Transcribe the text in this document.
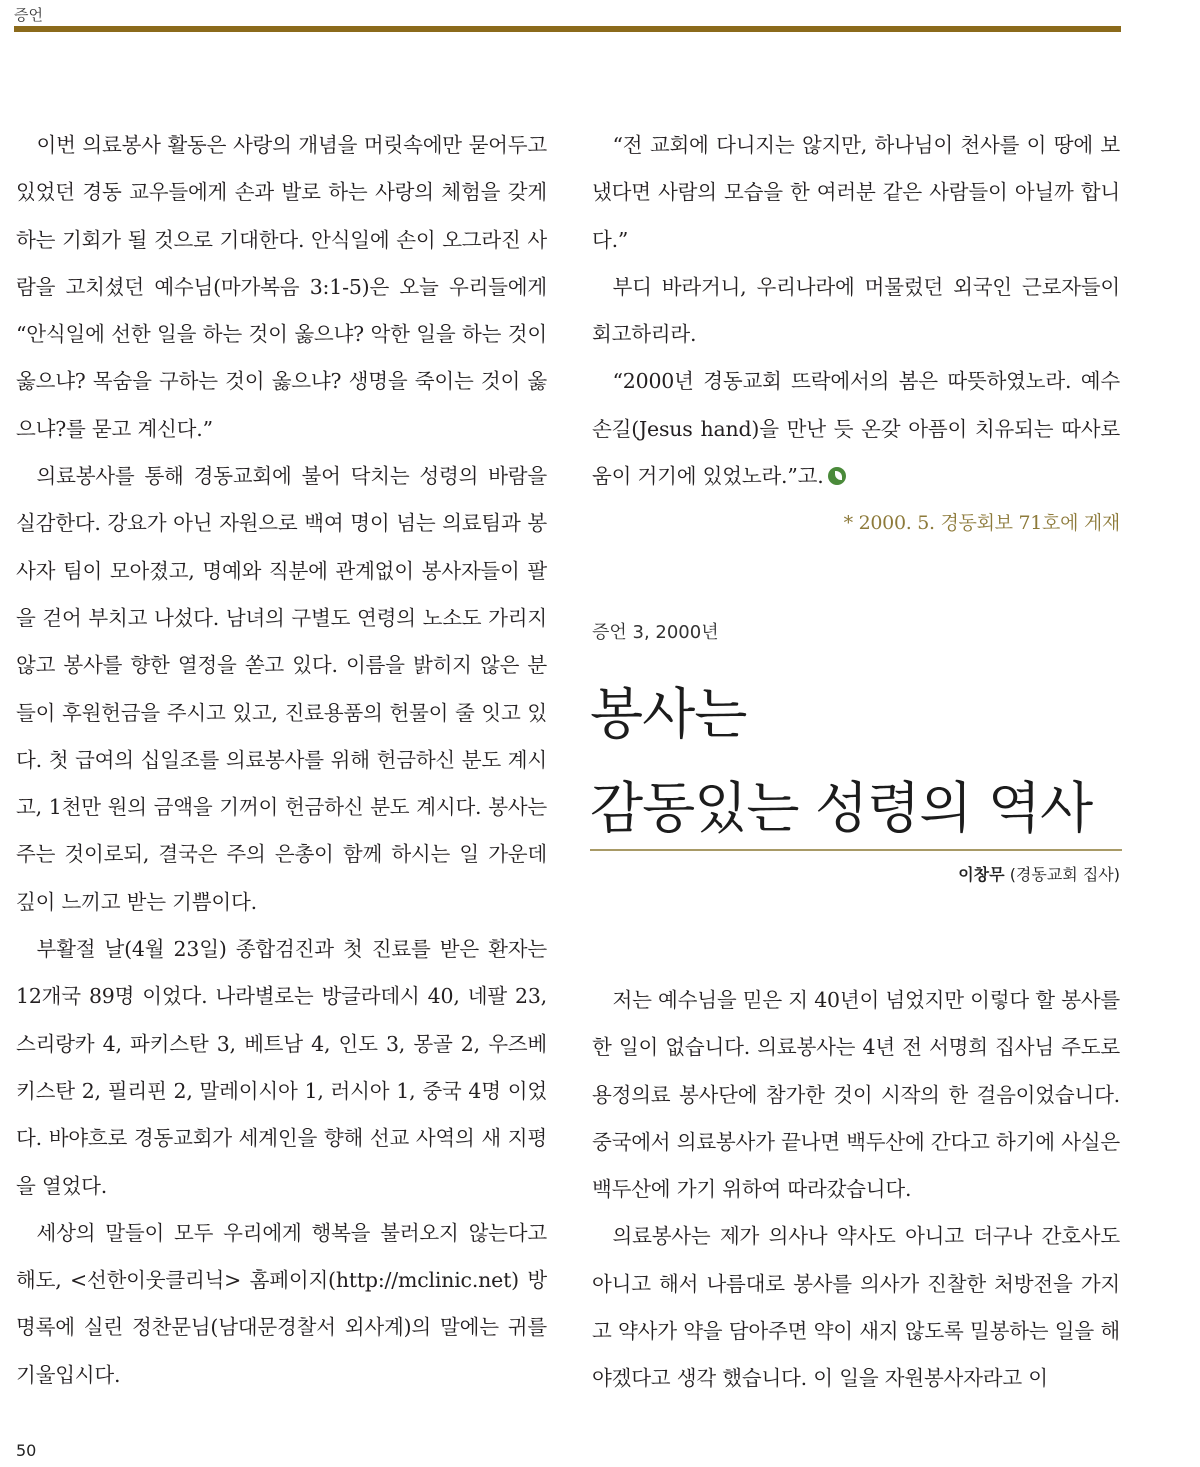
증언

이번 의료봉사 활동은 사랑의 개념을 머릿속에만 묻어두고 있었던 경동 교우들에게 손과 발로 하는 사랑의 체험을 갖게 하는 기회가 될 것으로 기대한다. 안식일에 손이 오그라진 사람을 고치셨던 예수님(마가복음 3:1-5)은 오늘 우리들에게 “안식일에 선한 일을 하는 것이 옳으냐? 악한 일을 하는 것이 옳으냐? 목숨을 구하는 것이 옳으냐? 생명을 죽이는 것이 옳으냐?를 묻고 계신다.”

의료봉사를 통해 경동교회에 불어 닥치는 성령의 바람을 실감한다. 강요가 아닌 자원으로 백여 명이 넘는 의료팀과 봉사자 팀이 모아졌고, 명예와 직분에 관계없이 봉사자들이 팔을 걷어 부치고 나섰다. 남녀의 구별도 연령의 노소도 가리지 않고 봉사를 향한 열정을 쏟고 있다. 이름을 밝히지 않은 분들이 후원헌금을 주시고 있고, 진료용품의 헌물이 줄 잇고 있다. 첫 급여의 십일조를 의료봉사를 위해 헌금하신 분도 계시고, 1천만 원의 금액을 기꺼이 헌금하신 분도 계시다. 봉사는 주는 것이로되, 결국은 주의 은총이 함께 하시는 일 가운데 깊이 느끼고 받는 기쁨이다.

부활절 날(4월 23일) 종합검진과 첫 진료를 받은 환자는 12개국 89명 이었다. 나라별로는 방글라데시 40, 네팔 23, 스리랑카 4, 파키스탄 3, 베트남 4, 인도 3, 몽골 2, 우즈베키스탄 2, 필리핀 2, 말레이시아 1, 러시아 1, 중국 4명 이었다. 바야흐로 경동교회가 세계인을 향해 선교 사역의 새 지평을 열었다.

세상의 말들이 모두 우리에게 행복을 불러오지 않는다고 해도, <선한이웃클리닉> 홈페이지(http://mclinic.net) 방명록에 실린 정찬문님(남대문경찰서 외사계)의 말에는 귀를 기울입시다.

“전 교회에 다니지는 않지만, 하나님이 천사를 이 땅에 보냈다면 사람의 모습을 한 여러분 같은 사람들이 아닐까 합니다.”

부디 바라거니, 우리나라에 머물렀던 외국인 근로자들이 회고하리라.

“2000년 경동교회 뜨락에서의 봄은 따뜻하였노라. 예수 손길(Jesus hand)을 만난 듯 온갖 아픔이 치유되는 따사로움이 거기에 있었노라.”고.

* 2000. 5. 경동회보 71호에 게재

증언 3, 2000년
봉사는
감동있는 성령의 역사
이창무 (경동교회 집사)

저는 예수님을 믿은 지 40년이 넘었지만 이렇다 할 봉사를 한 일이 없습니다. 의료봉사는 4년 전 서명희 집사님 주도로 용정의료 봉사단에 참가한 것이 시작의 한 걸음이었습니다. 중국에서 의료봉사가 끝나면 백두산에 간다고 하기에 사실은 백두산에 가기 위하여 따라갔습니다.

의료봉사는 제가 의사나 약사도 아니고 더구나 간호사도 아니고 해서 나름대로 봉사를 의사가 진찰한 처방전을 가지고 약사가 약을 담아주면 약이 새지 않도록 밀봉하는 일을 해야겠다고 생각 했습니다. 이 일을 자원봉사자라고 이

50
